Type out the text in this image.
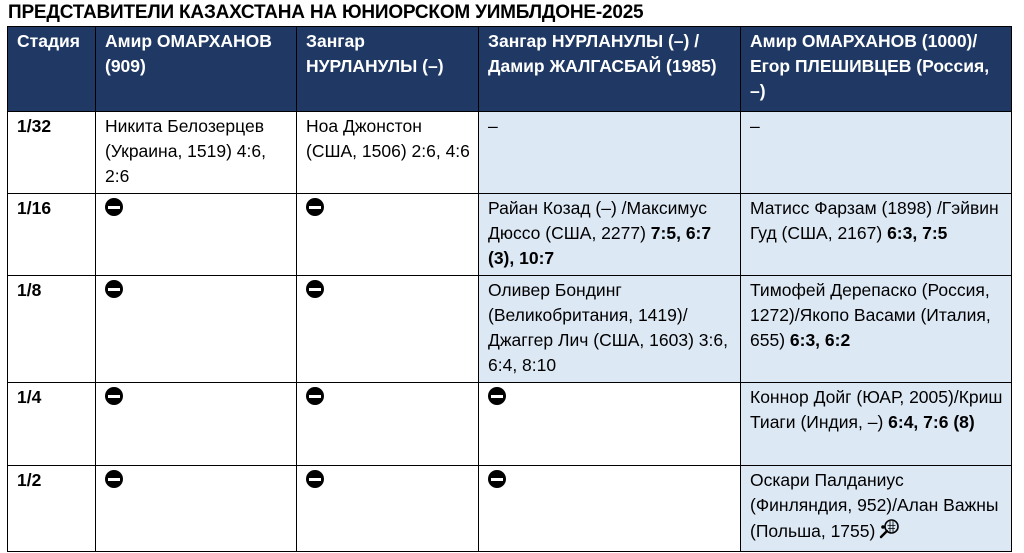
ПРЕДСТАВИТЕЛИ КАЗАХСТАНА НА ЮНИОРСКОМ УИМБЛДОНЕ-2025
Стадия	Амир ОМАРХАНОВ (909)	Зангар НУРЛАНУЛЫ (–)	Зангар НУРЛАНУЛЫ (–) /Дамир ЖАЛГАСБАЙ (1985)	Амир ОМАРХАНОВ (1000)/Егор ПЛЕШИВЦЕВ (Россия, –)
1/32	Никита Белозерцев (Украина, 1519) 4:6, 2:6	Ноа Джонстон (США, 1506) 2:6, 4:6	–	–
1/16			Райан Козад (–) /Максимус Дюссо (США, 2277) 7:5, 6:7 (3), 10:7	Матисс Фарзам (1898) /Гэйвин Гуд (США, 2167) 6:3, 7:5
1/8			Оливер Бондинг (Великобритания, 1419)/Джаггер Лич (США, 1603) 3:6, 6:4, 8:10	Тимофей Дерепаско (Россия, 1272)/Якопо Васами (Италия, 655) 6:3, 6:2
1/4				Коннор Дойг (ЮАР, 2005)/Криш Тиаги (Индия, –) 6:4, 7:6 (8)
1/2				Оскари Палданиус (Финляндия, 952)/Алан Важны (Польша, 1755)
